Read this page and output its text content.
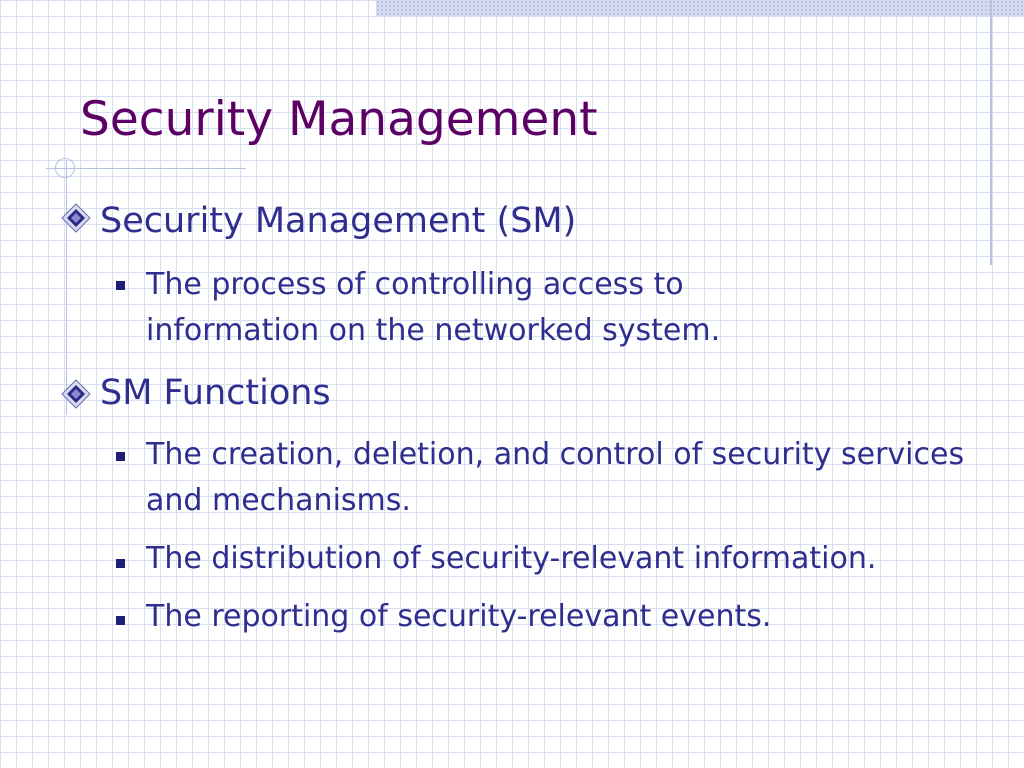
Security Management

Security Management (SM)

The process of controlling access to information on the networked system.

SM Functions

The creation, deletion, and control of security services and mechanisms.

The distribution of security-relevant information.

The reporting of security-relevant events.
